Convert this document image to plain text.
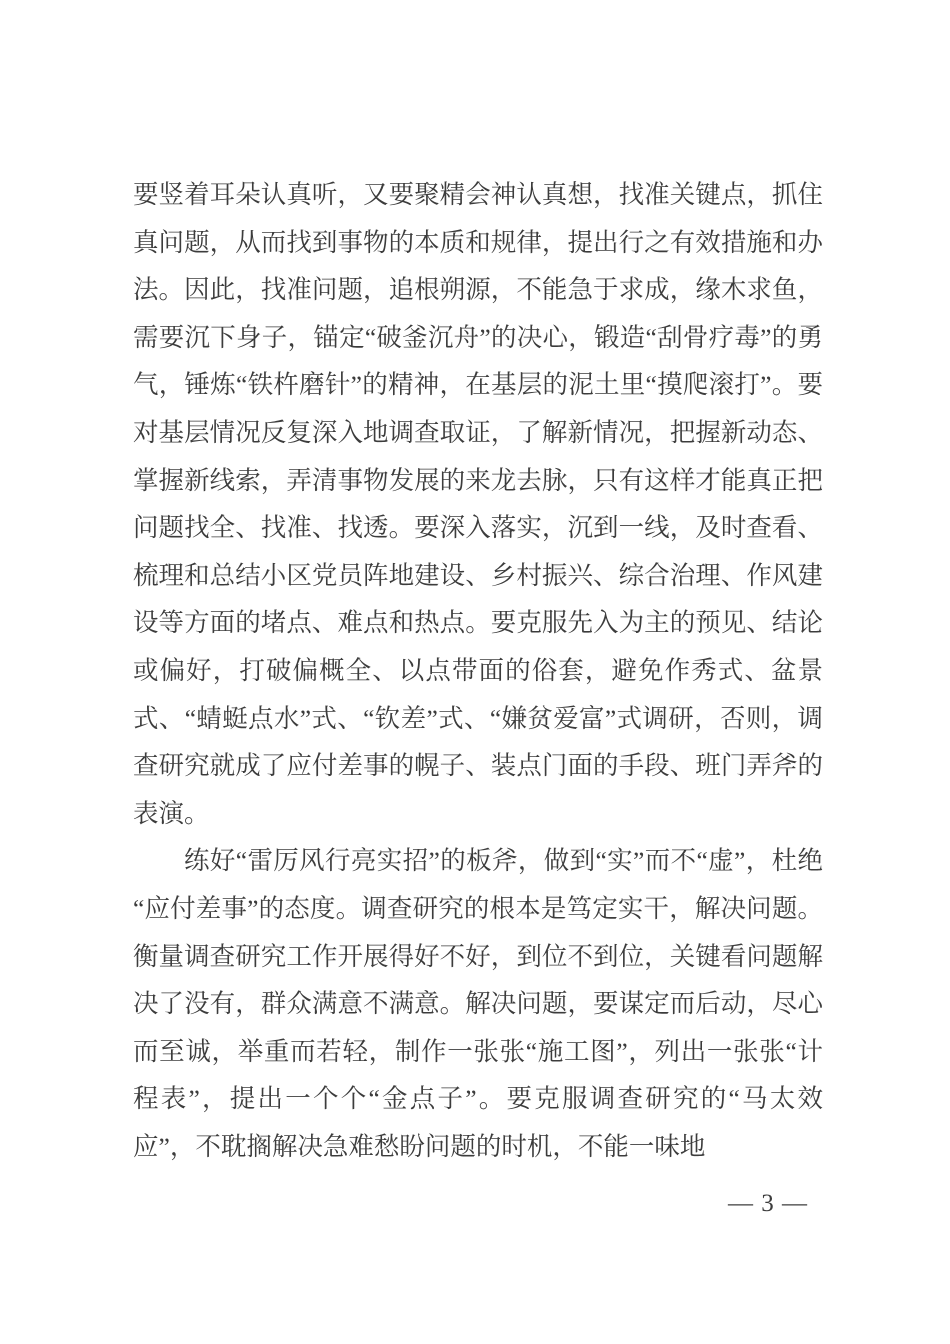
要竖着耳朵认真听，又要聚精会神认真想，找准关键点，抓住真问题，从而找到事物的本质和规律，提出行之有效措施和办法。因此，找准问题，追根朔源，不能急于求成，缘木求鱼，需要沉下身子，锚定“破釜沉舟”的决心，锻造“刮骨疗毒”的勇气，锤炼“铁杵磨针”的精神，在基层的泥土里“摸爬滚打”。要对基层情况反复深入地调查取证，了解新情况，把握新动态、掌握新线索，弄清事物发展的来龙去脉，只有这样才能真正把问题找全、找准、找透。要深入落实，沉到一线，及时查看、梳理和总结小区党员阵地建设、乡村振兴、综合治理、作风建设等方面的堵点、难点和热点。要克服先入为主的预见、结论或偏好，打破偏概全、以点带面的俗套，避免作秀式、盆景式、“蜻蜓点水”式、“钦差”式、“嫌贫爱富”式调研，否则，调查研究就成了应付差事的幌子、装点门面的手段、班门弄斧的表演。

练好“雷厉风行亮实招”的板斧，做到“实”而不“虚”，杜绝“应付差事”的态度。调查研究的根本是笃定实干，解决问题。衡量调查研究工作开展得好不好，到位不到位，关键看问题解决了没有，群众满意不满意。解决问题，要谋定而后动，尽心而至诚，举重而若轻，制作一张张“施工图”，列出一张张“计程表”，提出一个个“金点子”。要克服调查研究的“马太效应”，不耽搁解决急难愁盼问题的时机，不能一味地

— 3 —
